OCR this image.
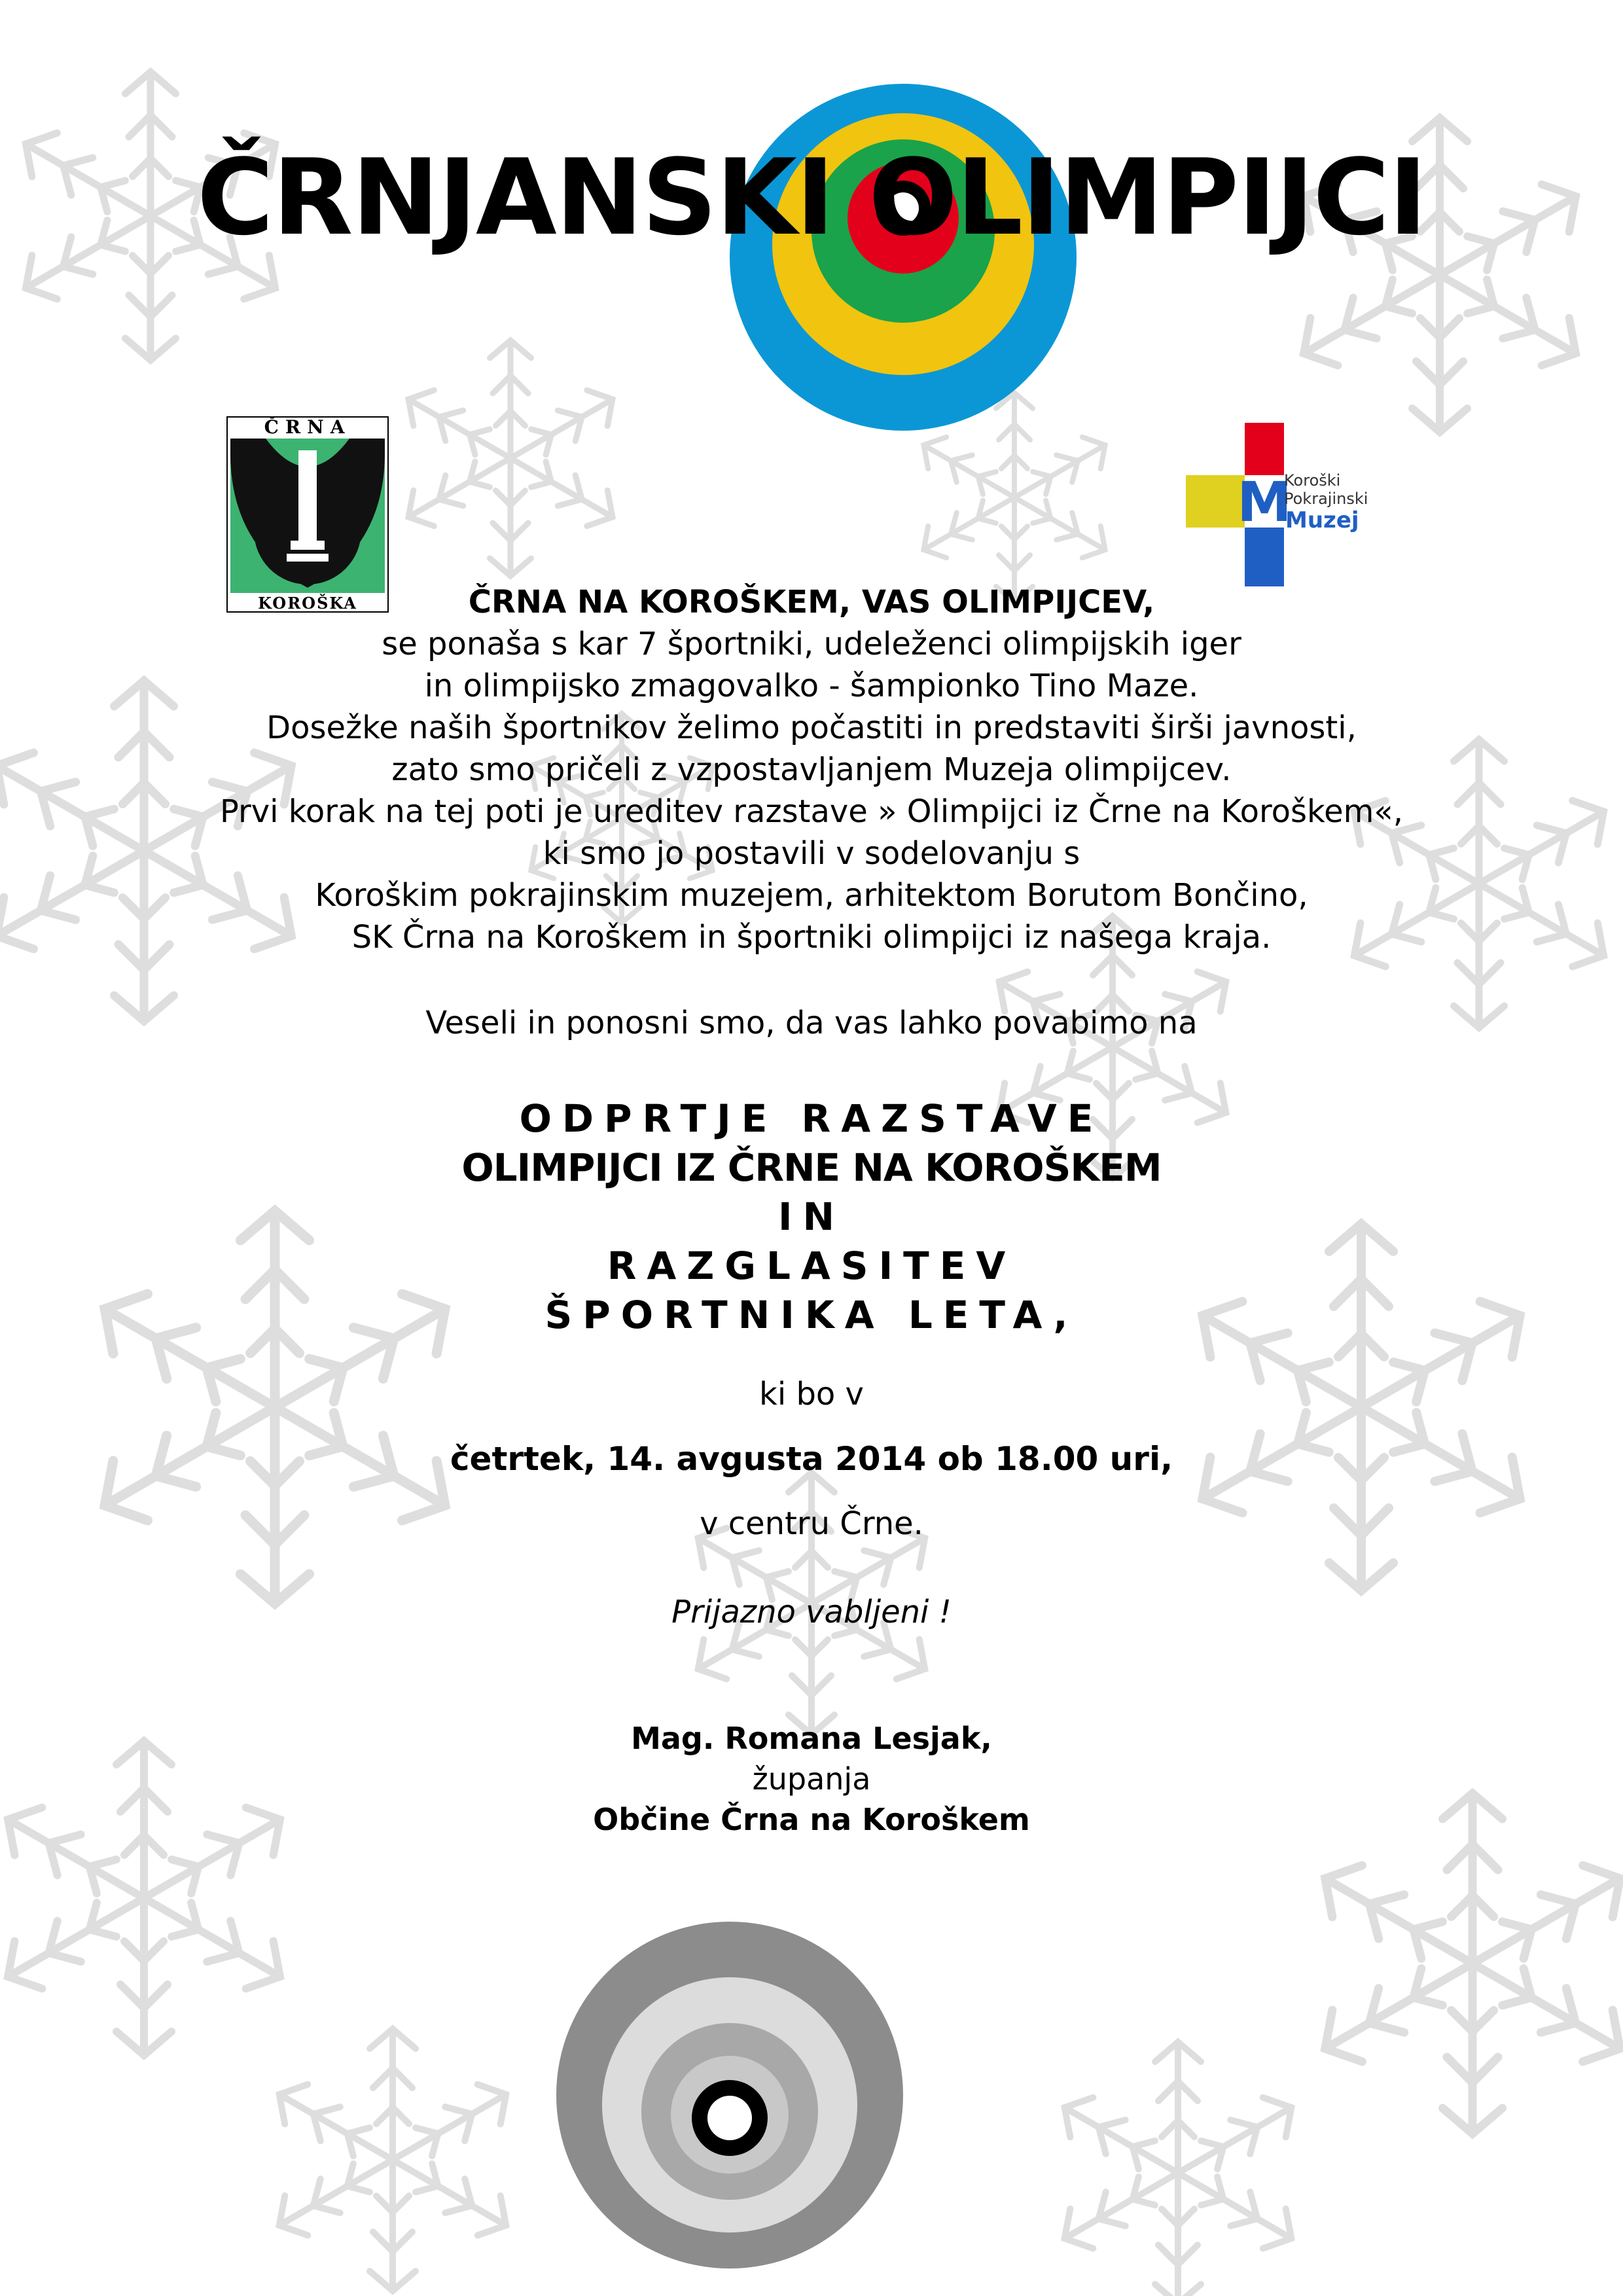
ČRNJANSKI OLIMPIJCI
ČRNA
KOROŠKA
M
Koroški
Pokrajinski
Muzej
ČRNA NA KOROŠKEM, VAS OLIMPIJCEV,
se ponaša s kar 7 športniki, udeleženci olimpijskih iger
in olimpijsko zmagovalko - šampionko Tino Maze.
Dosežke naših športnikov želimo počastiti in predstaviti širši javnosti,
zato smo pričeli z vzpostavljanjem Muzeja olimpijcev.
Prvi korak na tej poti je ureditev razstave » Olimpijci iz Črne na Koroškem«,
ki smo jo postavili v sodelovanju s
Koroškim pokrajinskim muzejem, arhitektom Borutom Bončino,
SK Črna na Koroškem in športniki olimpijci iz našega kraja.
Veseli in ponosni smo, da vas lahko povabimo na
ODPRTJE RAZSTAVE
OLIMPIJCI IZ ČRNE NA KOROŠKEM
IN
RAZGLASITEV
ŠPORTNIKA LETA,
ki bo v
četrtek, 14. avgusta 2014 ob 18.00 uri,
v centru Črne.
Prijazno vabljeni !
Mag. Romana Lesjak,
županja
Občine Črna na Koroškem
